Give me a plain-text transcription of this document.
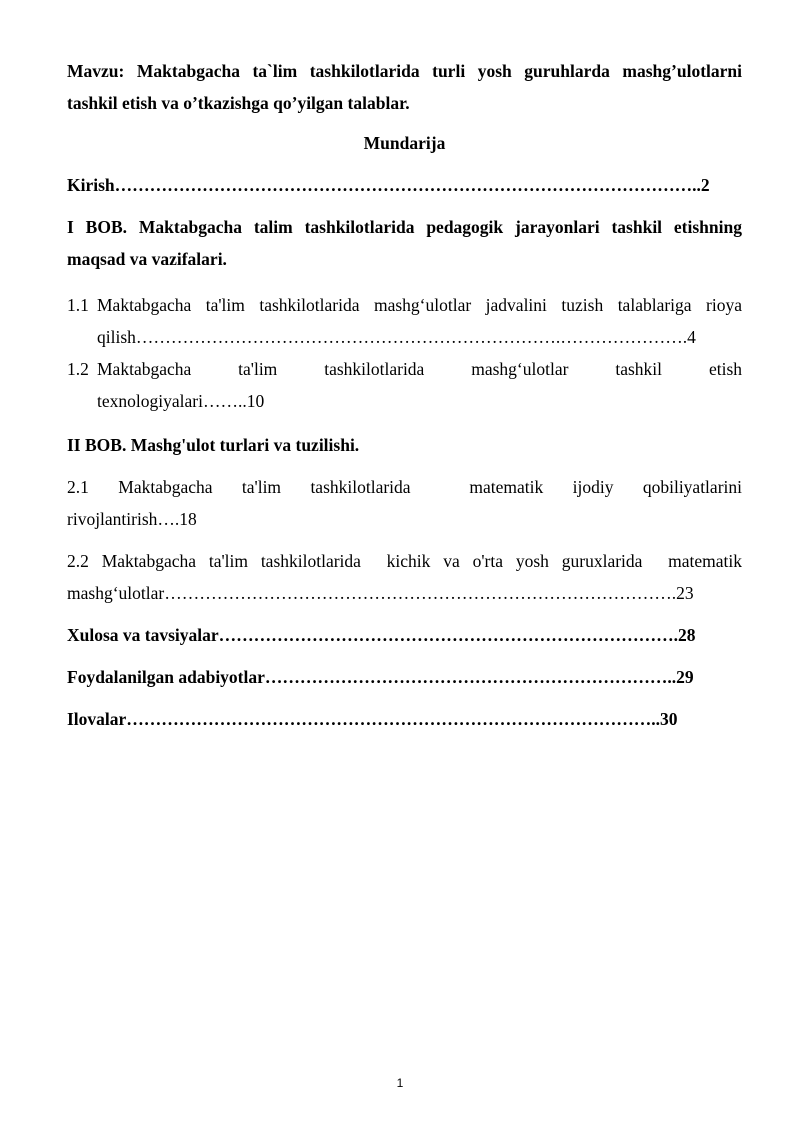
Mavzu: Maktabgacha ta`lim tashkilotlarida turli yosh guruhlarda mashg’ulotlarni
tashkil etish va o’tkazishga qo’yilgan talablar.
Mundarija
Kirish………………………………………………………………………………………..2
I BOB. Maktabgacha talim tashkilotlarida pedagogik jarayonlari tashkil etishning maqsad va vazifalari.
1.1 Maktabgacha ta'lim tashkilotlarida mashg‘ulotlar jadvalini tuzish talablariga rioya
qilish……………………………………………………………….………………….4
1.2 Maktabgacha ta'lim tashkilotlarida mashg‘ulotlar tashkil etish
texnologiyalari……..10
II BOB. Mashg'ulot turlari va tuzilishi.
2.1 Maktabgacha ta'lim tashkilotlarida  matematik ijodiy qobiliyatlarini
rivojlantirish….18
2.2 Maktabgacha ta'lim tashkilotlarida  kichik va o'rta yosh guruxlarida  matematik
mashg‘ulotlar…………………………………………………………………………….23
Xulosa va tavsiyalar…………………………………………………………………….28
Foydalanilgan adabiyotlar……………………………………………………………..29
Ilovalar………………………………………………………………………………..30
1
